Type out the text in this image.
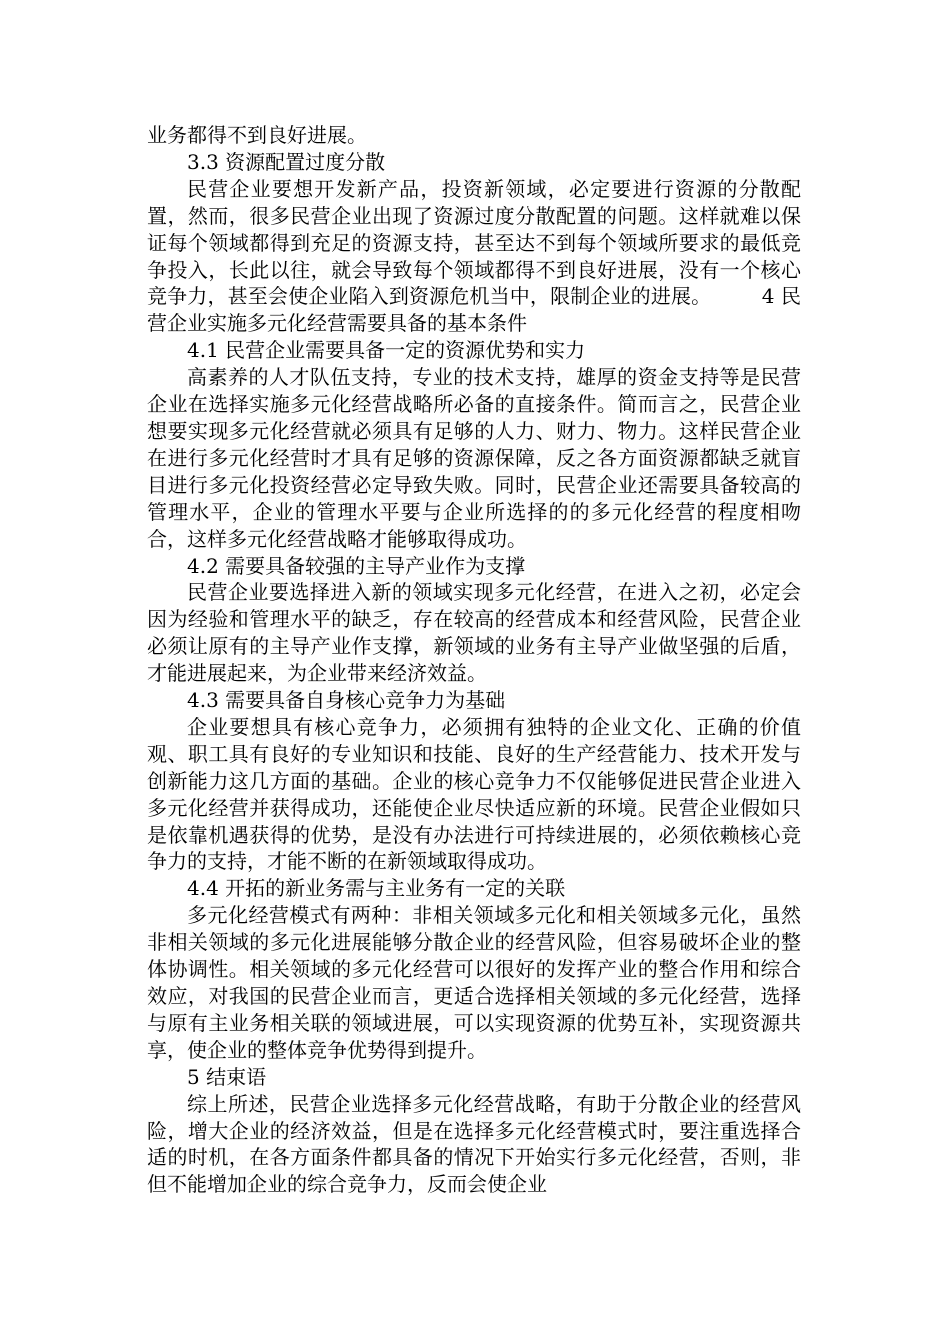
业务都得不到良好进展。

3.3 资源配置过度分散

民营企业要想开发新产品，投资新领域，必定要进行资源的分散配置，然而，很多民营企业出现了资源过度分散配置的问题。这样就难以保证每个领域都得到充足的资源支持，甚至达不到每个领域所要求的最低竞争投入，长此以往，就会导致每个领域都得不到良好进展，没有一个核心竞争力，甚至会使企业陷入到资源危机当中，限制企业的进展。　　　4 民营企业实施多元化经营需要具备的基本条件

4.1 民营企业需要具备一定的资源优势和实力

高素养的人才队伍支持，专业的技术支持，雄厚的资金支持等是民营企业在选择实施多元化经营战略所必备的直接条件。简而言之，民营企业想要实现多元化经营就必须具有足够的人力、财力、物力。这样民营企业在进行多元化经营时才具有足够的资源保障，反之各方面资源都缺乏就盲目进行多元化投资经营必定导致失败。同时，民营企业还需要具备较高的管理水平，企业的管理水平要与企业所选择的的多元化经营的程度相吻合，这样多元化经营战略才能够取得成功。

4.2 需要具备较强的主导产业作为支撑

民营企业要选择进入新的领域实现多元化经营，在进入之初，必定会因为经验和管理水平的缺乏，存在较高的经营成本和经营风险，民营企业必须让原有的主导产业作支撑，新领域的业务有主导产业做坚强的后盾，才能进展起来，为企业带来经济效益。

4.3 需要具备自身核心竞争力为基础

企业要想具有核心竞争力，必须拥有独特的企业文化、正确的价值观、职工具有良好的专业知识和技能、良好的生产经营能力、技术开发与创新能力这几方面的基础。企业的核心竞争力不仅能够促进民营企业进入多元化经营并获得成功，还能使企业尽快适应新的环境。民营企业假如只是依靠机遇获得的优势，是没有办法进行可持续进展的，必须依赖核心竞争力的支持，才能不断的在新领域取得成功。

4.4 开拓的新业务需与主业务有一定的关联

多元化经营模式有两种：非相关领域多元化和相关领域多元化，虽然非相关领域的多元化进展能够分散企业的经营风险，但容易破坏企业的整体协调性。相关领域的多元化经营可以很好的发挥产业的整合作用和综合效应，对我国的民营企业而言，更适合选择相关领域的多元化经营，选择与原有主业务相关联的领域进展，可以实现资源的优势互补，实现资源共享，使企业的整体竞争优势得到提升。

5 结束语

综上所述，民营企业选择多元化经营战略，有助于分散企业的经营风险，增大企业的经济效益，但是在选择多元化经营模式时，要注重选择合适的时机，在各方面条件都具备的情况下开始实行多元化经营，否则，非但不能增加企业的综合竞争力，反而会使企业
